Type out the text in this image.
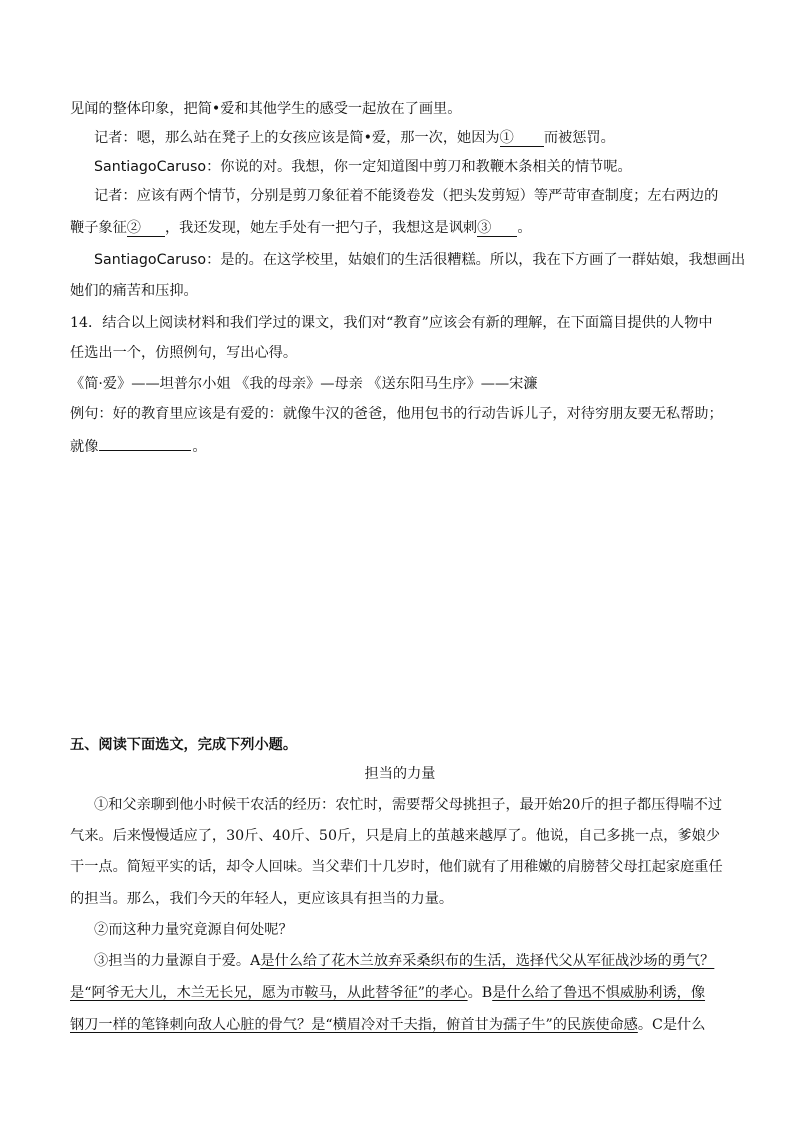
见闻的整体印象，把简•爱和其他学生的感受一起放在了画里。
记者：嗯，那么站在凳子上的女孩应该是简•爱，那一次，她因为① 而被惩罚。
SantiagoCaruso：你说的对。我想，你一定知道图中剪刀和教鞭木条相关的情节呢。
记者：应该有两个情节，分别是剪刀象征着不能烫卷发（把头发剪短）等严苛审查制度；左右两边的
鞭子象征② ，我还发现，她左手处有一把勺子，我想这是讽刺③ 。
SantiagoCaruso：是的。在这学校里，姑娘们的生活很糟糕。所以，我在下方画了一群姑娘，我想画出
她们的痛苦和压抑。
14．结合以上阅读材料和我们学过的课文，我们对“教育”应该会有新的理解，在下面篇目提供的人物中
任选出一个，仿照例句，写出心得。
《简·爱》——坦普尔小姐 《我的母亲》—母亲 《送东阳马生序》——宋濂
例句：好的教育里应该是有爱的：就像牛汉的爸爸，他用包书的行动告诉儿子，对待穷朋友要无私帮助；
就像	。
五、阅读下面选文，完成下列小题。
担当的力量
①和父亲聊到他小时候干农活的经历：农忙时，需要帮父母挑担子，最开始20斤的担子都压得喘不过
气来。后来慢慢适应了，30斤、40斤、50斤，只是肩上的茧越来越厚了。他说，自己多挑一点，爹娘少
干一点。简短平实的话，却令人回味。当父辈们十几岁时，他们就有了用稚嫩的肩膀替父母扛起家庭重任
的担当。那么，我们今天的年轻人，更应该具有担当的力量。
②而这种力量究竟源自何处呢？
③担当的力量源自于爱。A是什么给了花木兰放弃采桑织布的生活，选择代父从军征战沙场的勇气？
是“阿爷无大儿，木兰无长兄，愿为市鞍马，从此替爷征”的孝心。B是什么给了鲁迅不惧威胁利诱，像
钢刀一样的笔锋刺向敌人心脏的骨气？是“横眉冷对千夫指，俯首甘为孺子牛”的民族使命感。C是什么
